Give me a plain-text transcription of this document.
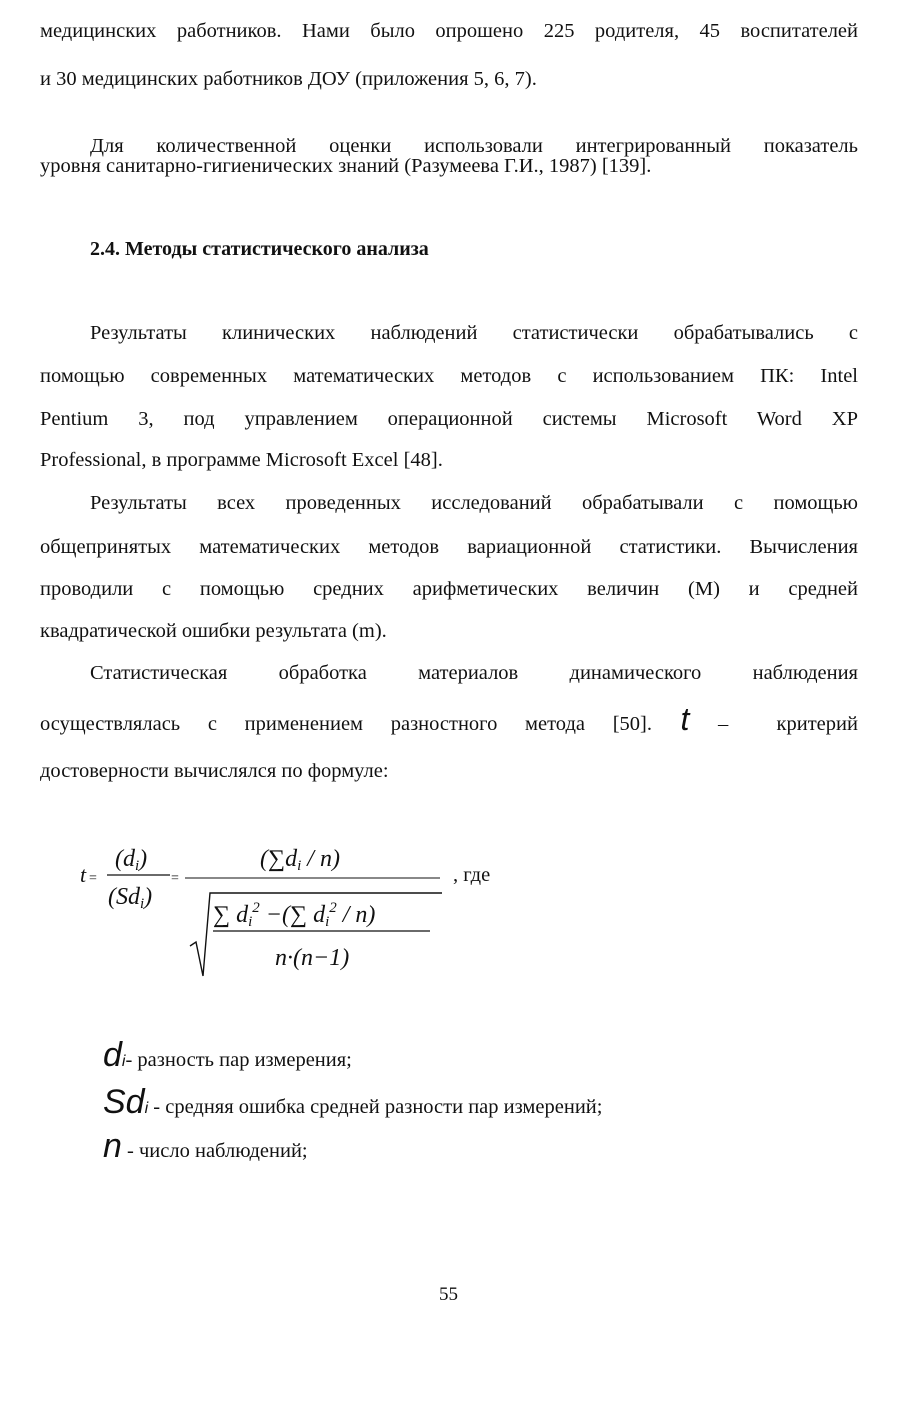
медицинских работников. Нами было опрошено 225 родителя, 45 воспитателей
и 30 медицинских работников ДОУ (приложения 5, 6, 7).
Для количественной оценки использовали интегрированный показатель
уровня санитарно-гигиенических знаний (Разумеева Г.И., 1987) [139].
2.4. Методы статистического анализа
Результаты клинических наблюдений статистически обрабатывались с
помощью современных математических методов с использованием ПК: Intel
Pentium 3, под управлением операционной системы Microsoft Word XP
Professional, в программе Microsoft Excel [48].
Результаты всех проведенных исследований обрабатывали с помощью
общепринятых математических методов вариационной статистики. Вычисления
проводили с помощью средних арифметических величин (М) и средней
квадратической ошибки результата (m).
Статистическая обработка материалов динамического наблюдения
осуществлялась с применением разностного метода [50]. t – критерий
достоверности вычислялся по формуле:
t =
(di)
(Sdi)
=
(∑di / n)
∑ $di^2$ −(∑ $di^2 / n$)
n·(n−1)
, где
di- разность пар измерения;
Sdi - средняя ошибка средней разности пар измерений;
n - число наблюдений;
55
